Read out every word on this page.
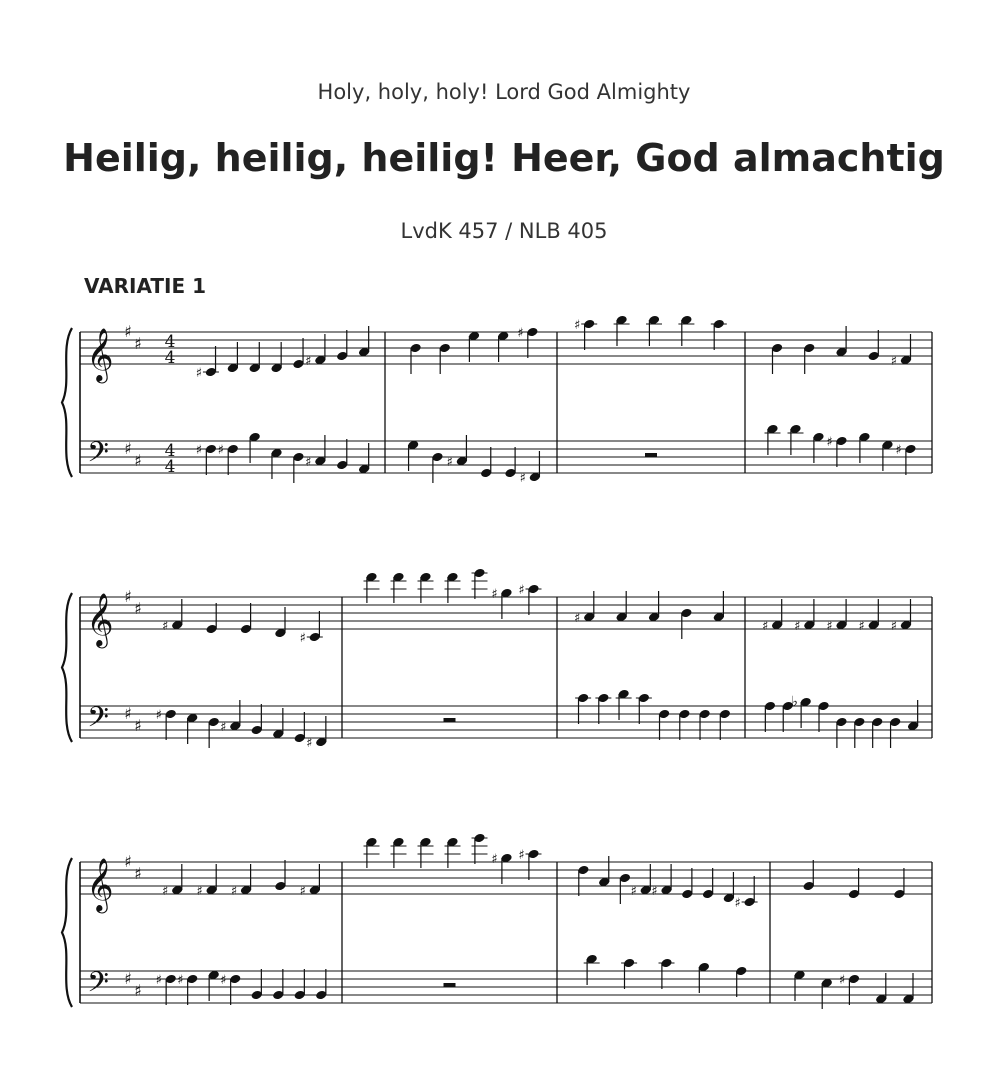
Holy, holy, holy! Lord God Almighty
Heilig, heilig, heilig! Heer, God almachtig
LvdK 457 / NLB 405
VARIATIE 1
𝄞
𝄢
♯
♯
♯
♯
4
4
4
4
♯
♯
♯ ♯
♯
♯
♯
♯
♯
♯
♯
♯
𝄞
𝄢
♯
♯
♯
♯
♯
♯
♯
♯
♯
♯ ♯
♯
♯ ♯ ♯ ♯ ♯
♭
𝄞
𝄢
♯
♯
♯
♯
♯ ♯ ♯	♯
♯ ♯	♯
♯ ♯
♯ ♯
♯
♯
